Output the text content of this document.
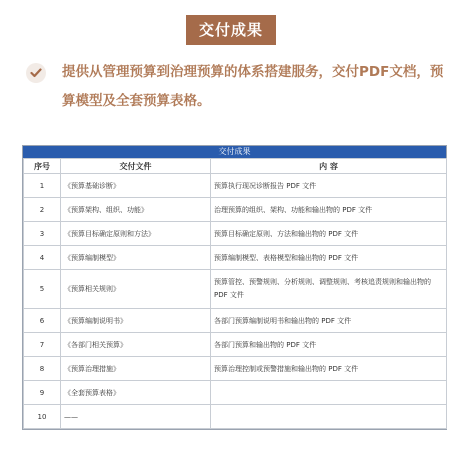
交付成果
提供从管理预算到治理预算的体系搭建服务，交付PDF文档，预算模型及全套预算表格。
交付成果
序号	交付文件	内 容
1	《预算基础诊断》	预算执行现况诊断报告 PDF 文件
2	《预算架构、组织、功能》	治理预算的组织、架构、功能和输出物的 PDF 文件
3	《预算目标确定原则和方法》	预算目标确定原则、方法和输出物的 PDF 文件
4	《预算编制模型》	预算编制模型、表格模型和输出物的 PDF 文件
5	《预算相关规则》	预算管控、预警规则、分析规则、调整规则、考核追责规则和输出物的 PDF 文件
6	《预算编制说明书》	各部门预算编制说明书和输出物的 PDF 文件
7	《各部门相关预算》	各部门预算和输出物的 PDF 文件
8	《预算治理措施》	预算治理控制或预警措施和输出物的 PDF 文件
9	《全套预算表格》	
10	——	
